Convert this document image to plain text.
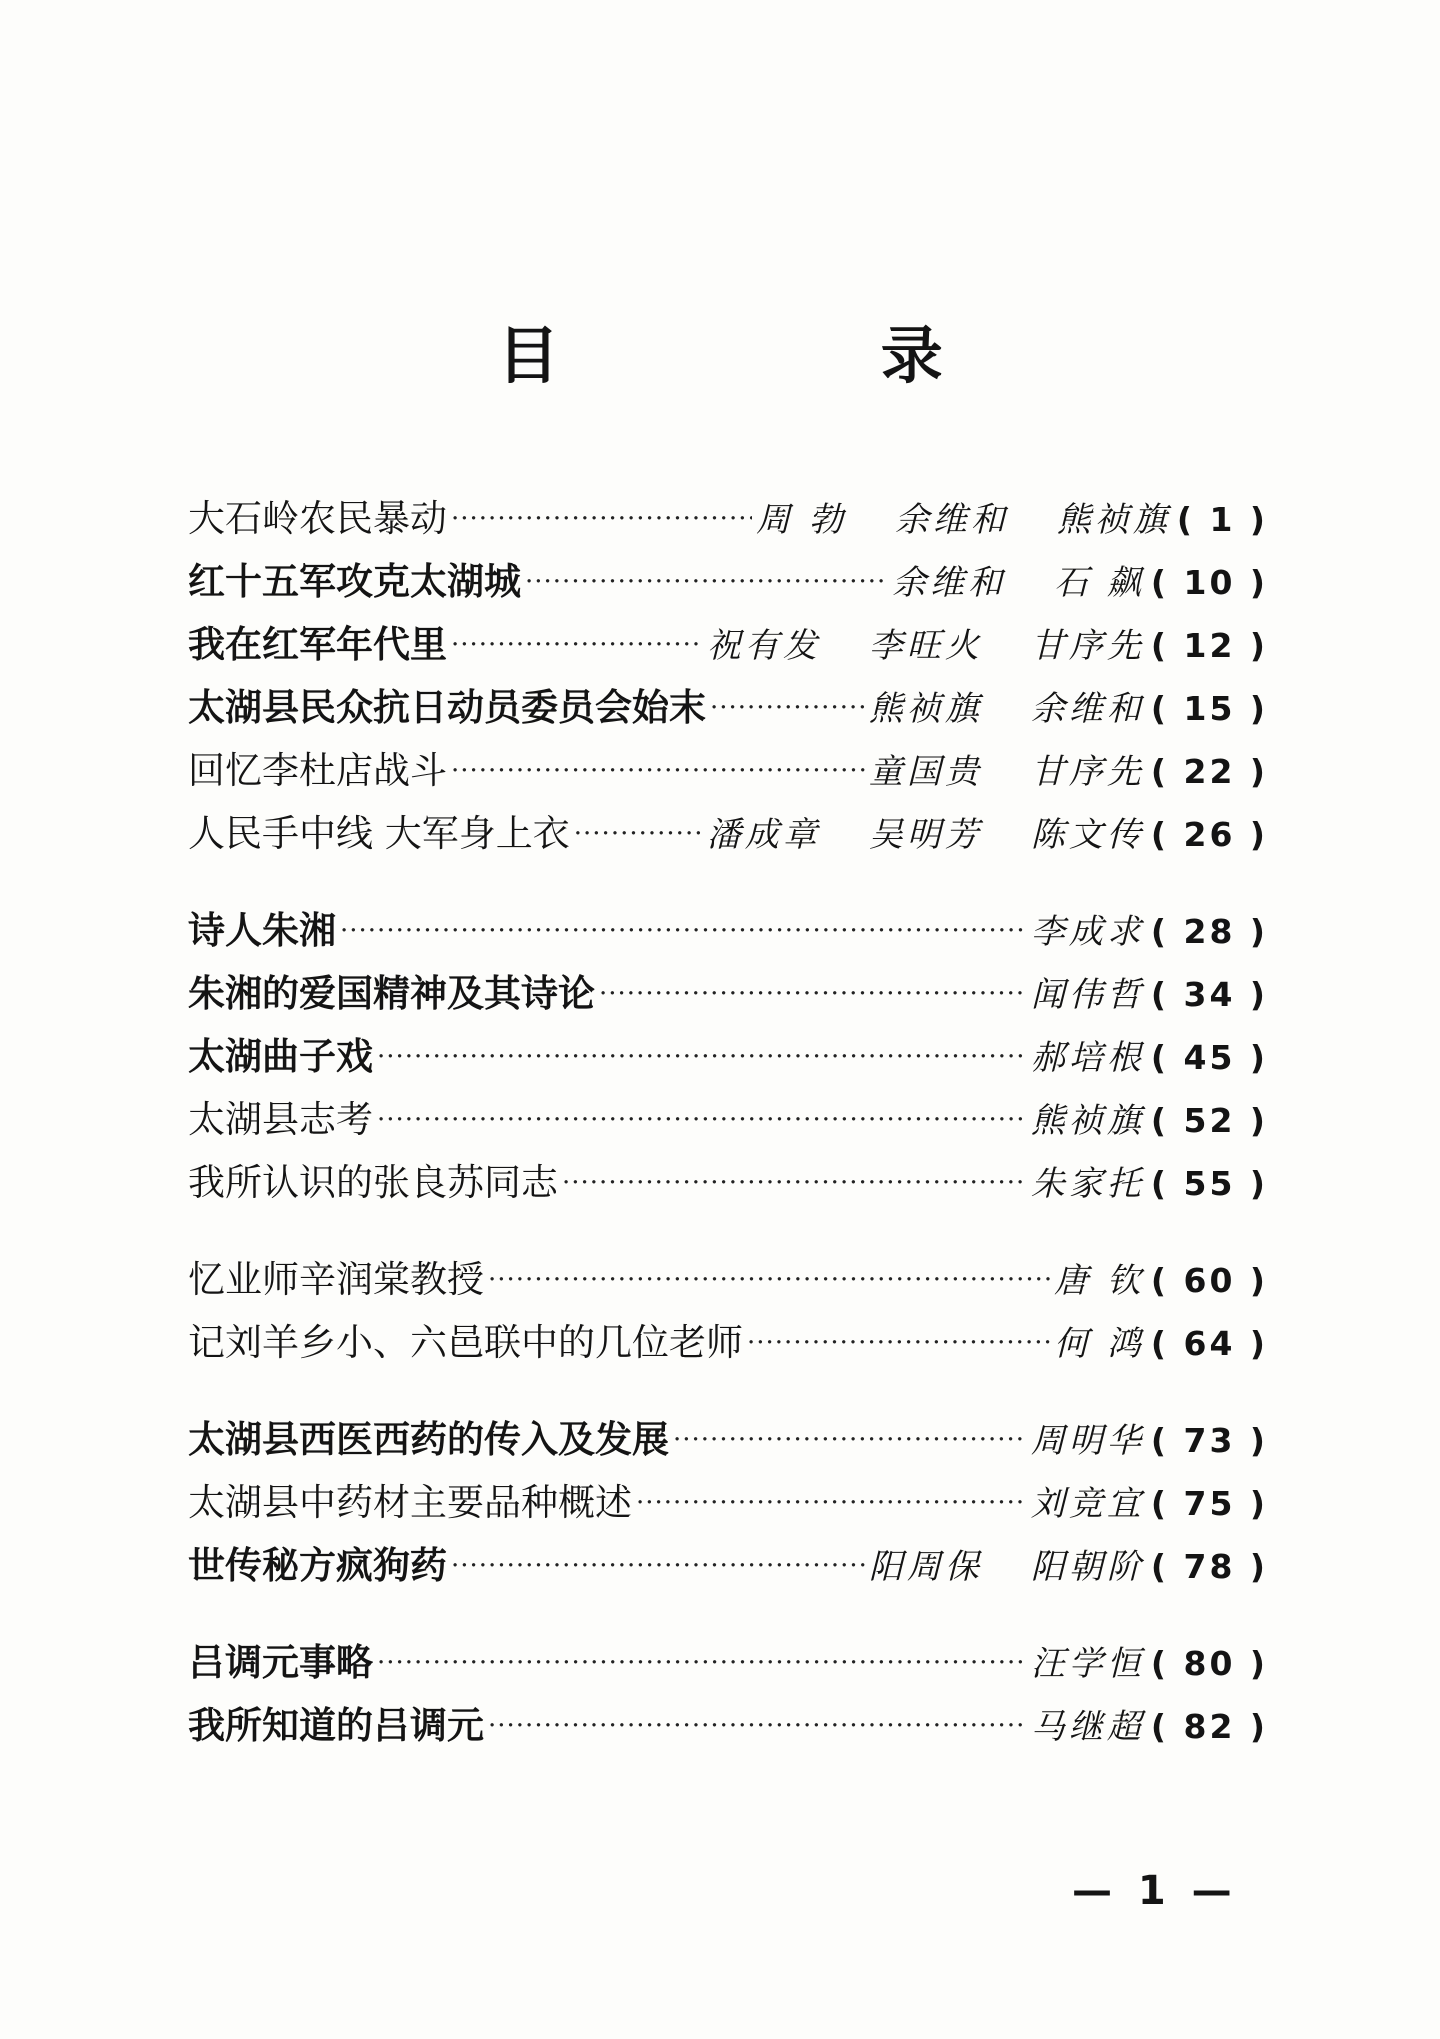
目 录
大石岭农民暴动 ·····	周 勃 余维和 熊祯旗 ( 1 )
红十五军攻克太湖城 ·····	余维和 石 飙 ( 10 )
我在红军年代里 ·····	祝有发 李旺火 甘序先 ( 12 )
太湖县民众抗日动员委员会始末 ·····	熊祯旗 余维和 ( 15 )
回忆李杜店战斗 ·····	童国贵 甘序先 ( 22 )
人民手中线 大军身上衣 ·····	潘成章 吴明芳 陈文传 ( 26 )
诗人朱湘 ·····	李成求 ( 28 )
朱湘的爱国精神及其诗论 ·····	闻伟哲 ( 34 )
太湖曲子戏 ·····	郝培根 ( 45 )
太湖县志考 ·····	熊祯旗 ( 52 )
我所认识的张良苏同志 ·····	朱家托 ( 55 )
忆业师辛润棠教授 ·····	唐 钦 ( 60 )
记刘羊乡小、六邑联中的几位老师 ·····	何 鸿 ( 64 )
太湖县西医西药的传入及发展 ·····	周明华 ( 73 )
太湖县中药材主要品种概述 ·····	刘竞宜 ( 75 )
世传秘方疯狗药 ·····	阳周保 阳朝阶 ( 78 )
吕调元事略 ·····	汪学恒 ( 80 )
我所知道的吕调元 ·····	马继超 ( 82 )
— 1 —
